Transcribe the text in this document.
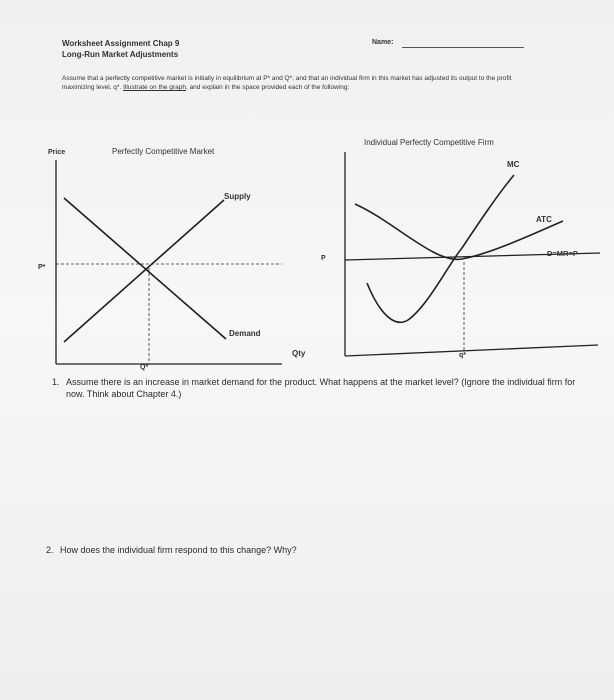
Worksheet Assignment Chap 9
Long-Run Market Adjustments
Name:
Assume that a perfectly competitive market is initially in equilibrium at P* and Q*, and that an individual firm in this market has adjusted its output to the profit maximizing level, q*. Illustrate on the graph, and explain in the space provided each of the following:
Price	Perfectly Competitive Market
Supply
Demand
P*
Q*
Qty
Individual Perfectly Competitive Firm
MC
ATC
D=MR=P
P
q*
1. Assume there is an increase in market demand for the product. What happens at the market level? (Ignore the individual firm for now. Think about Chapter 4.)
2. How does the individual firm respond to this change? Why?
